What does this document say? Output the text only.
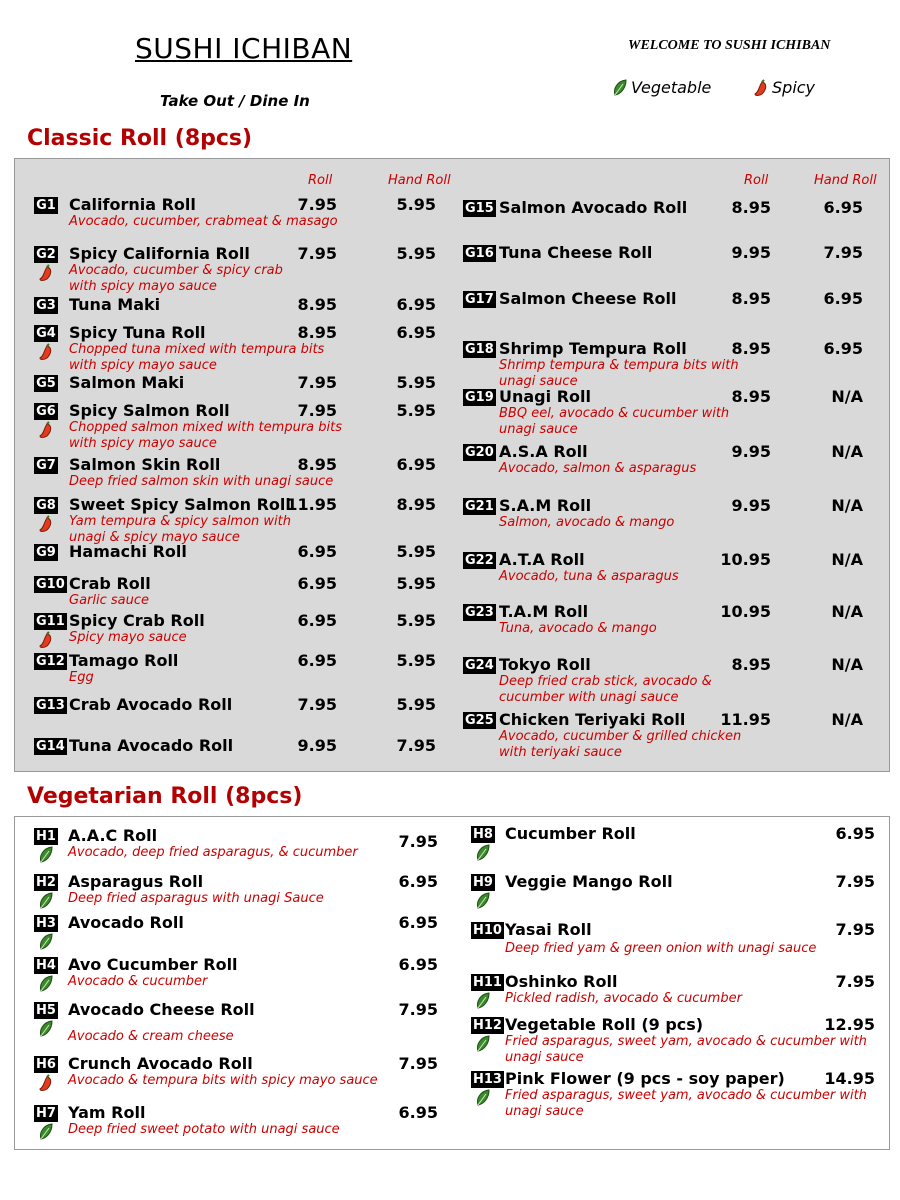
SUSHI ICHIBAN
Take Out / Dine In
WELCOME TO SUSHI ICHIBAN
Vegetable	Spicy
Classic Roll (8pcs)
Roll	Hand Roll	Roll	Hand Roll
Vegetarian Roll (8pcs)
G1 California Roll
Avocado, cucumber, crabmeat & masago
7.95	5.95
G2 Spicy California Roll
Avocado, cucumber & spicy crab
with spicy mayo sauce
7.95	5.95
G3 Tuna Maki	8.95	6.95
G4 Spicy Tuna Roll
Chopped tuna mixed with tempura bits
with spicy mayo sauce
8.95	6.95
G5 Salmon Maki	7.95	5.95
G6 Spicy Salmon Roll
Chopped salmon mixed with tempura bits
with spicy mayo sauce
7.95	5.95
G7 Salmon Skin Roll
Deep fried salmon skin with unagi sauce
8.95	6.95
G8 Sweet Spicy Salmon Roll
Yam tempura & spicy salmon with
unagi & spicy mayo sauce
11.95	8.95
G9 Hamachi Roll	6.95	5.95
G10 Crab Roll
Garlic sauce
6.95	5.95
G11 Spicy Crab Roll
Spicy mayo sauce
6.95	5.95
G12 Tamago Roll
Egg
6.95	5.95
G13 Crab Avocado Roll	7.95	5.95
G14 Tuna Avocado Roll	9.95	7.95
G15 Salmon Avocado Roll	8.95	6.95
G16 Tuna Cheese Roll	9.95	7.95
G17 Salmon Cheese Roll	8.95	6.95
G18 Shrimp Tempura Roll
Shrimp tempura & tempura bits with
unagi sauce
8.95	6.95
G19 Unagi Roll
BBQ eel, avocado & cucumber with
unagi sauce
8.95	N/A
G20 A.S.A Roll
Avocado, salmon & asparagus
9.95	N/A
G21 S.A.M Roll
Salmon, avocado & mango
9.95	N/A
G22 A.T.A Roll
Avocado, tuna & asparagus
10.95	N/A
G23 T.A.M Roll
Tuna, avocado & mango
10.95	N/A
G24 Tokyo Roll
Deep fried crab stick, avocado &
cucumber with unagi sauce
8.95	N/A
G25 Chicken Teriyaki Roll
Avocado, cucumber & grilled chicken
with teriyaki sauce
11.95	N/A
H1 A.A.C Roll
Avocado, deep fried asparagus, & cucumber
7.95
H2 Asparagus Roll
Deep fried asparagus with unagi Sauce
6.95
H3 Avocado Roll	6.95
H4 Avo Cucumber Roll
Avocado & cucumber
6.95
H5 Avocado Cheese Roll
Avocado & cream cheese
7.95
H6 Crunch Avocado Roll
Avocado & tempura bits with spicy mayo sauce
7.95
H7 Yam Roll
Deep fried sweet potato with unagi sauce
6.95
H8 Cucumber Roll	6.95
H9 Veggie Mango Roll	7.95
H10 Yasai Roll
Deep fried yam & green onion with unagi sauce
7.95
H11 Oshinko Roll
Pickled radish, avocado & cucumber
7.95
H12 Vegetable Roll (9 pcs)
Fried asparagus, sweet yam, avocado & cucumber with
unagi sauce
12.95
H13 Pink Flower (9 pcs - soy paper)
Fried asparagus, sweet yam, avocado & cucumber with
unagi sauce
14.95
